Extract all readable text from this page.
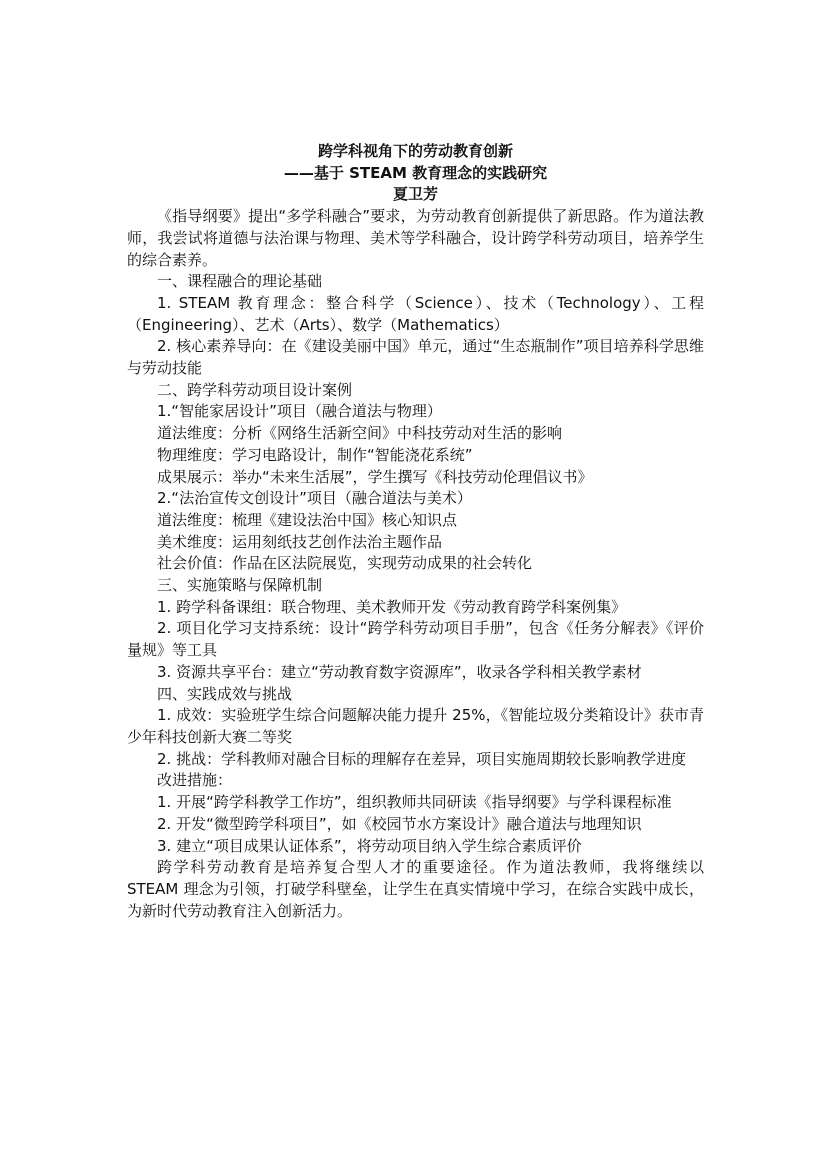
跨学科视角下的劳动教育创新

——基于 STEAM 教育理念的实践研究

夏卫芳

《指导纲要》提出“多学科融合”要求，为劳动教育创新提供了新思路。作为道法教师，我尝试将道德与法治课与物理、美术等学科融合，设计跨学科劳动项目，培养学生的综合素养。

一、课程融合的理论基础

1. STEAM 教育理念：整合科学（Science）、技术（Technology）、工程（Engineering）、艺术（Arts）、数学（Mathematics）

2. 核心素养导向：在《建设美丽中国》单元，通过“生态瓶制作”项目培养科学思维与劳动技能

二、跨学科劳动项目设计案例

1.“智能家居设计”项目（融合道法与物理）

道法维度：分析《网络生活新空间》中科技劳动对生活的影响

物理维度：学习电路设计，制作“智能浇花系统”

成果展示：举办“未来生活展”，学生撰写《科技劳动伦理倡议书》

2.“法治宣传文创设计”项目（融合道法与美术）

道法维度：梳理《建设法治中国》核心知识点

美术维度：运用刻纸技艺创作法治主题作品

社会价值：作品在区法院展览，实现劳动成果的社会转化

三、实施策略与保障机制

1. 跨学科备课组：联合物理、美术教师开发《劳动教育跨学科案例集》

2. 项目化学习支持系统：设计“跨学科劳动项目手册”，包含《任务分解表》《评价量规》等工具

3. 资源共享平台：建立“劳动教育数字资源库”，收录各学科相关教学素材

四、实践成效与挑战

1. 成效：实验班学生综合问题解决能力提升 25%，《智能垃圾分类箱设计》获市青少年科技创新大赛二等奖

2. 挑战：学科教师对融合目标的理解存在差异，项目实施周期较长影响教学进度

改进措施：

1. 开展“跨学科教学工作坊”，组织教师共同研读《指导纲要》与学科课程标准

2. 开发“微型跨学科项目”，如《校园节水方案设计》融合道法与地理知识

3. 建立“项目成果认证体系”，将劳动项目纳入学生综合素质评价

跨学科劳动教育是培养复合型人才的重要途径。作为道法教师，我将继续以 STEAM 理念为引领，打破学科壁垒，让学生在真实情境中学习，在综合实践中成长，为新时代劳动教育注入创新活力。
